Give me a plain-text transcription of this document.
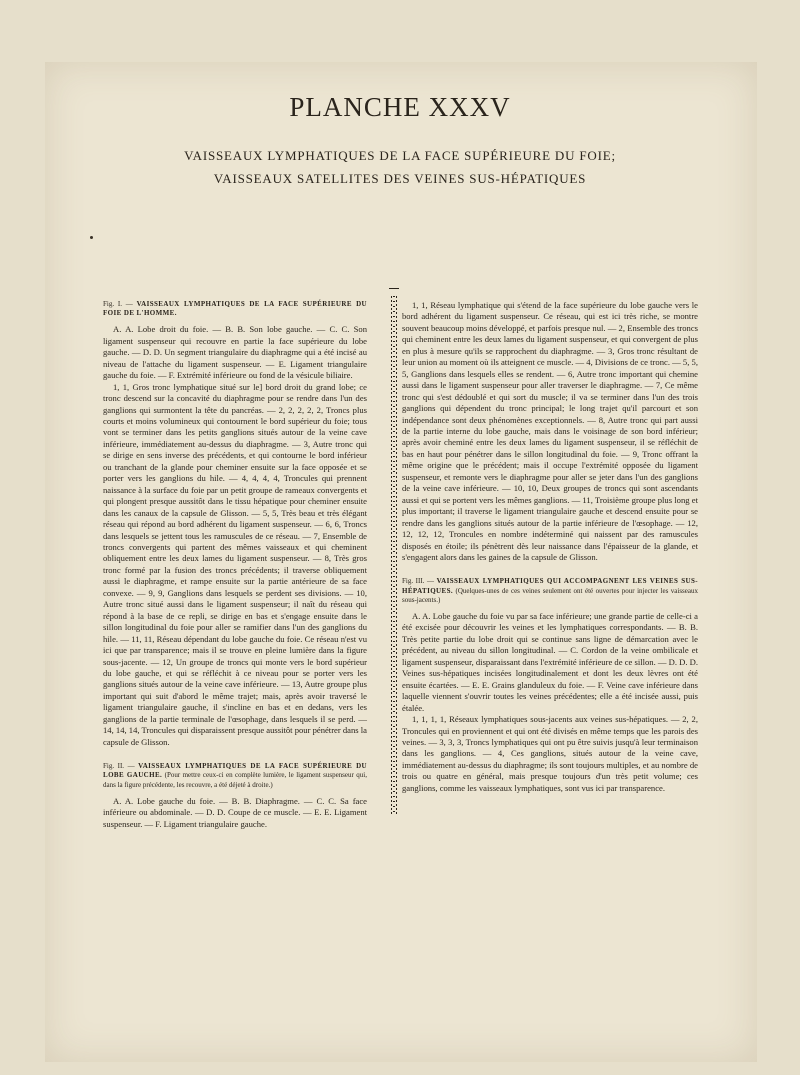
PLANCHE XXXV
VAISSEAUX LYMPHATIQUES DE LA FACE SUPÉRIEURE DU FOIE;
VAISSEAUX SATELLITES DES VEINES SUS-HÉPATIQUES

Fig. I. — VAISSEAUX LYMPHATIQUES DE LA FACE SUPÉRIEURE DU FOIE DE L'HOMME.

A. A. Lobe droit du foie. — B. B. Son lobe gauche. — C. C. Son ligament suspenseur qui recouvre en partie la face supérieure du lobe gauche. — D. D. Un segment triangulaire du diaphragme qui a été incisé au niveau de l'attache du ligament suspenseur. — E. Ligament triangulaire gauche du foie. — F. Extrémité inférieure ou fond de la vésicule biliaire.

1, 1, Gros tronc lymphatique situé sur le] bord droit du grand lobe; ce tronc descend sur la concavité du diaphragme pour se rendre dans l'un des ganglions qui surmontent la tête du pancréas. — 2, 2, 2, 2, 2, Troncs plus courts et moins volumineux qui contournent le bord supérieur du foie; tous vont se terminer dans les petits ganglions situés autour de la veine cave inférieure, immédiatement au-dessus du diaphragme. — 3, Autre tronc qui se dirige en sens inverse des précédents, et qui contourne le bord inférieur ou tranchant de la glande pour cheminer ensuite sur la face opposée et se porter vers les ganglions du hile. — 4, 4, 4, 4, Troncules qui prennent naissance à la surface du foie par un petit groupe de rameaux convergents et qui plongent presque aussitôt dans le tissu hépatique pour cheminer ensuite dans les canaux de la capsule de Glisson. — 5, 5, Très beau et très élégant réseau qui répond au bord adhérent du ligament suspenseur. — 6, 6, Troncs dans lesquels se jettent tous les ramuscules de ce réseau. — 7, Ensemble de troncs convergents qui partent des mêmes vaisseaux et qui cheminent obliquement entre les deux lames du ligament suspenseur. — 8, Très gros tronc formé par la fusion des troncs précédents; il traverse obliquement aussi le diaphragme, et rampe ensuite sur la partie antérieure de sa face convexe. — 9, 9, Ganglions dans lesquels se perdent ses divisions. — 10, Autre tronc situé aussi dans le ligament suspenseur; il naît du réseau qui répond à la base de ce repli, se dirige en bas et s'engage ensuite dans le sillon longitudinal du foie pour aller se ramifier dans l'un des ganglions du hile. — 11, 11, Réseau dépendant du lobe gauche du foie. Ce réseau n'est vu ici que par transparence; mais il se trouve en pleine lumière dans la figure sous-jacente. — 12, Un groupe de troncs qui monte vers le bord supérieur du lobe gauche, et qui se réfléchit à ce niveau pour se porter vers les ganglions situés autour de la veine cave inférieure. — 13, Autre groupe plus important qui suit d'abord le même trajet; mais, après avoir traversé le ligament triangulaire gauche, il s'incline en bas et en dedans, vers les ganglions de la partie terminale de l'œsophage, dans lesquels il se perd. — 14, 14, 14, Troncules qui disparaissent presque aussitôt pour pénétrer dans la capsule de Glisson.

Fig. II. — VAISSEAUX LYMPHATIQUES DE LA FACE SUPÉRIEURE DU LOBE GAUCHE. (Pour mettre ceux-ci en complète lumière, le ligament suspenseur qui, dans la figure précédente, les recouvre, a été déjeté à droite.)

A. A. Lobe gauche du foie. — B. B. Diaphragme. — C. C. Sa face inférieure ou abdominale. — D. D. Coupe de ce muscle. — E. E. Ligament suspenseur. — F. Ligament triangulaire gauche.

1, 1, Réseau lymphatique qui s'étend de la face supérieure du lobe gauche vers le bord adhérent du ligament suspenseur. Ce réseau, qui est ici très riche, se montre souvent beaucoup moins développé, et parfois presque nul. — 2, Ensemble des troncs qui cheminent entre les deux lames du ligament suspenseur, et qui convergent de plus en plus à mesure qu'ils se rapprochent du diaphragme. — 3, Gros tronc résultant de leur union au moment où ils atteignent ce muscle. — 4, Divisions de ce tronc. — 5, 5, 5, Ganglions dans lesquels elles se rendent. — 6, Autre tronc important qui chemine aussi dans le ligament suspenseur pour aller traverser le diaphragme. — 7, Ce même tronc qui s'est dédoublé et qui sort du muscle; il va se terminer dans l'un des trois ganglions qui dépendent du tronc principal; le long trajet qu'il parcourt et son indépendance sont deux phénomènes exceptionnels. — 8, Autre tronc qui part aussi de la partie interne du lobe gauche, mais dans le voisinage de son bord inférieur; après avoir cheminé entre les deux lames du ligament suspenseur, il se réfléchit de bas en haut pour pénétrer dans le sillon longitudinal du foie. — 9, Tronc offrant la même origine que le précédent; mais il occupe l'extrémité opposée du ligament suspenseur, et remonte vers le diaphragme pour aller se jeter dans l'un des ganglions de la veine cave inférieure. — 10, 10, Deux groupes de troncs qui sont ascendants aussi et qui se portent vers les mêmes ganglions. — 11, Troisième groupe plus long et plus important; il traverse le ligament triangulaire gauche et descend ensuite pour se rendre dans les ganglions situés autour de la partie inférieure de l'œsophage. — 12, 12, 12, 12, Troncules en nombre indéterminé qui naissent par des ramuscules disposés en étoile; ils pénètrent dès leur naissance dans l'épaisseur de la glande, et s'engagent alors dans les gaines de la capsule de Glisson.

Fig. III. — VAISSEAUX LYMPHATIQUES QUI ACCOMPAGNENT LES VEINES SUS-HÉPATIQUES. (Quelques-unes de ces veines seulement ont été ouvertes pour injecter les vaisseaux sous-jacents.)

A. A. Lobe gauche du foie vu par sa face inférieure; une grande partie de celle-ci a été excisée pour découvrir les veines et les lymphatiques correspondants. — B. B. Très petite partie du lobe droit qui se continue sans ligne de démarcation avec le précédent, au niveau du sillon longitudinal. — C. Cordon de la veine ombilicale et ligament suspenseur, disparaissant dans l'extrémité inférieure de ce sillon. — D. D. D. Veines sus-hépatiques incisées longitudinalement et dont les deux lèvres ont été ensuite écartées. — E. E. Grains glanduleux du foie. — F. Veine cave inférieure dans laquelle viennent s'ouvrir toutes les veines précédentes; elle a été incisée aussi, puis étalée.

1, 1, 1, 1, Réseaux lymphatiques sous-jacents aux veines sus-hépatiques. — 2, 2, Troncules qui en proviennent et qui ont été divisés en même temps que les parois des veines. — 3, 3, 3, Troncs lymphatiques qui ont pu être suivis jusqu'à leur terminaison dans les ganglions. — 4, Ces ganglions, situés autour de la veine cave, immédiatement au-dessus du diaphragme; ils sont toujours multiples, et au nombre de trois ou quatre en général, mais presque toujours d'un très petit volume; ces ganglions, comme les vaisseaux lymphatiques, sont vus ici par transparence.
